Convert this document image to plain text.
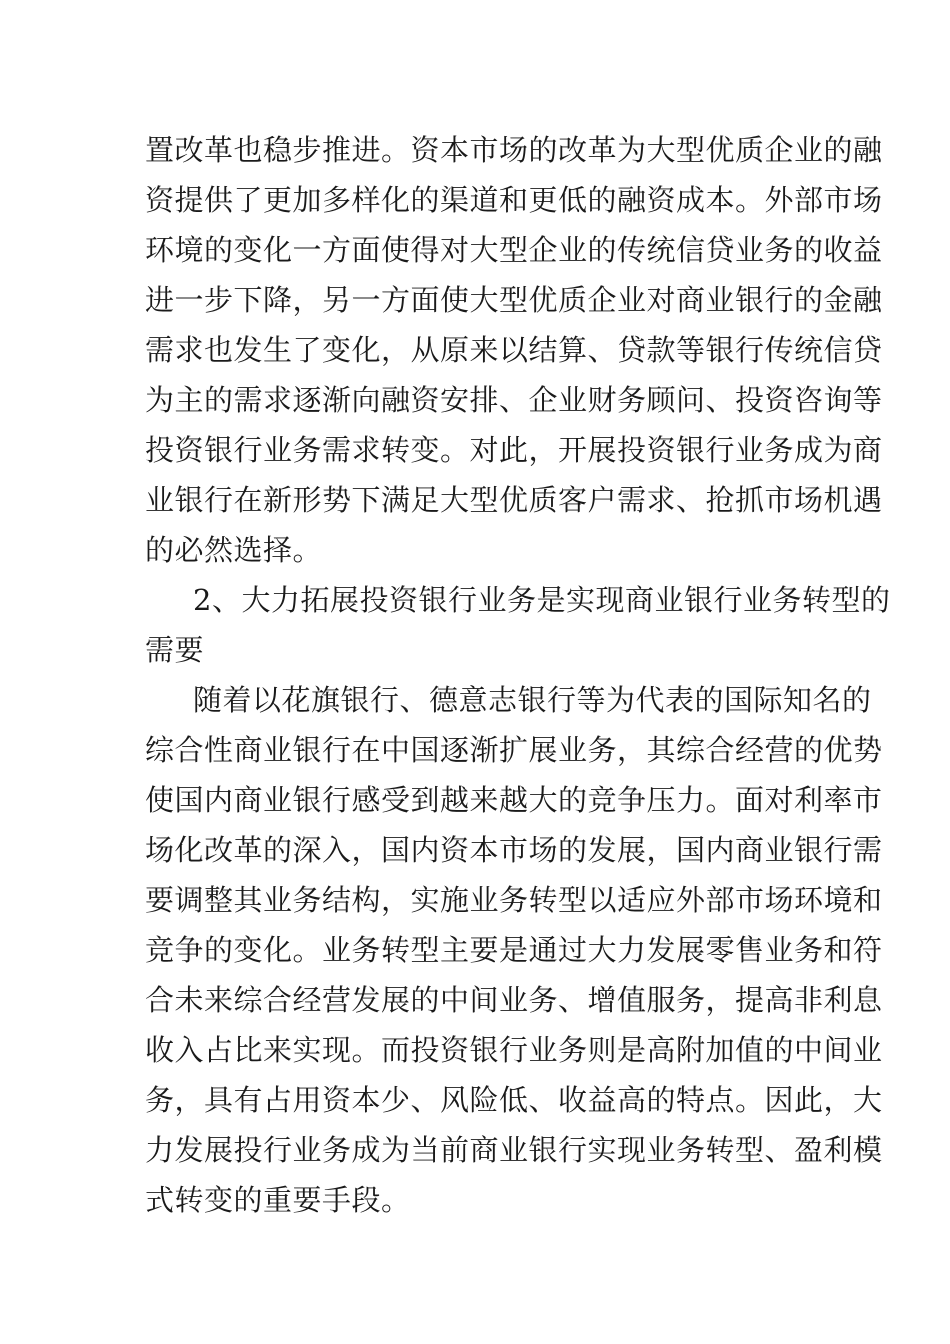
置改革也稳步推进。资本市场的改革为大型优质企业的融
资提供了更加多样化的渠道和更低的融资成本。外部市场
环境的变化一方面使得对大型企业的传统信贷业务的收益
进一步下降，另一方面使大型优质企业对商业银行的金融
需求也发生了变化，从原来以结算、贷款等银行传统信贷
为主的需求逐渐向融资安排、企业财务顾问、投资咨询等
投资银行业务需求转变。对此，开展投资银行业务成为商
业银行在新形势下满足大型优质客户需求、抢抓市场机遇
的必然选择。
2、大力拓展投资银行业务是实现商业银行业务转型的
需要
随着以花旗银行、德意志银行等为代表的国际知名的
综合性商业银行在中国逐渐扩展业务，其综合经营的优势
使国内商业银行感受到越来越大的竞争压力。面对利率市
场化改革的深入，国内资本市场的发展，国内商业银行需
要调整其业务结构，实施业务转型以适应外部市场环境和
竞争的变化。业务转型主要是通过大力发展零售业务和符
合未来综合经营发展的中间业务、增值服务，提高非利息
收入占比来实现。而投资银行业务则是高附加值的中间业
务，具有占用资本少、风险低、收益高的特点。因此，大
力发展投行业务成为当前商业银行实现业务转型、盈利模
式转变的重要手段。
